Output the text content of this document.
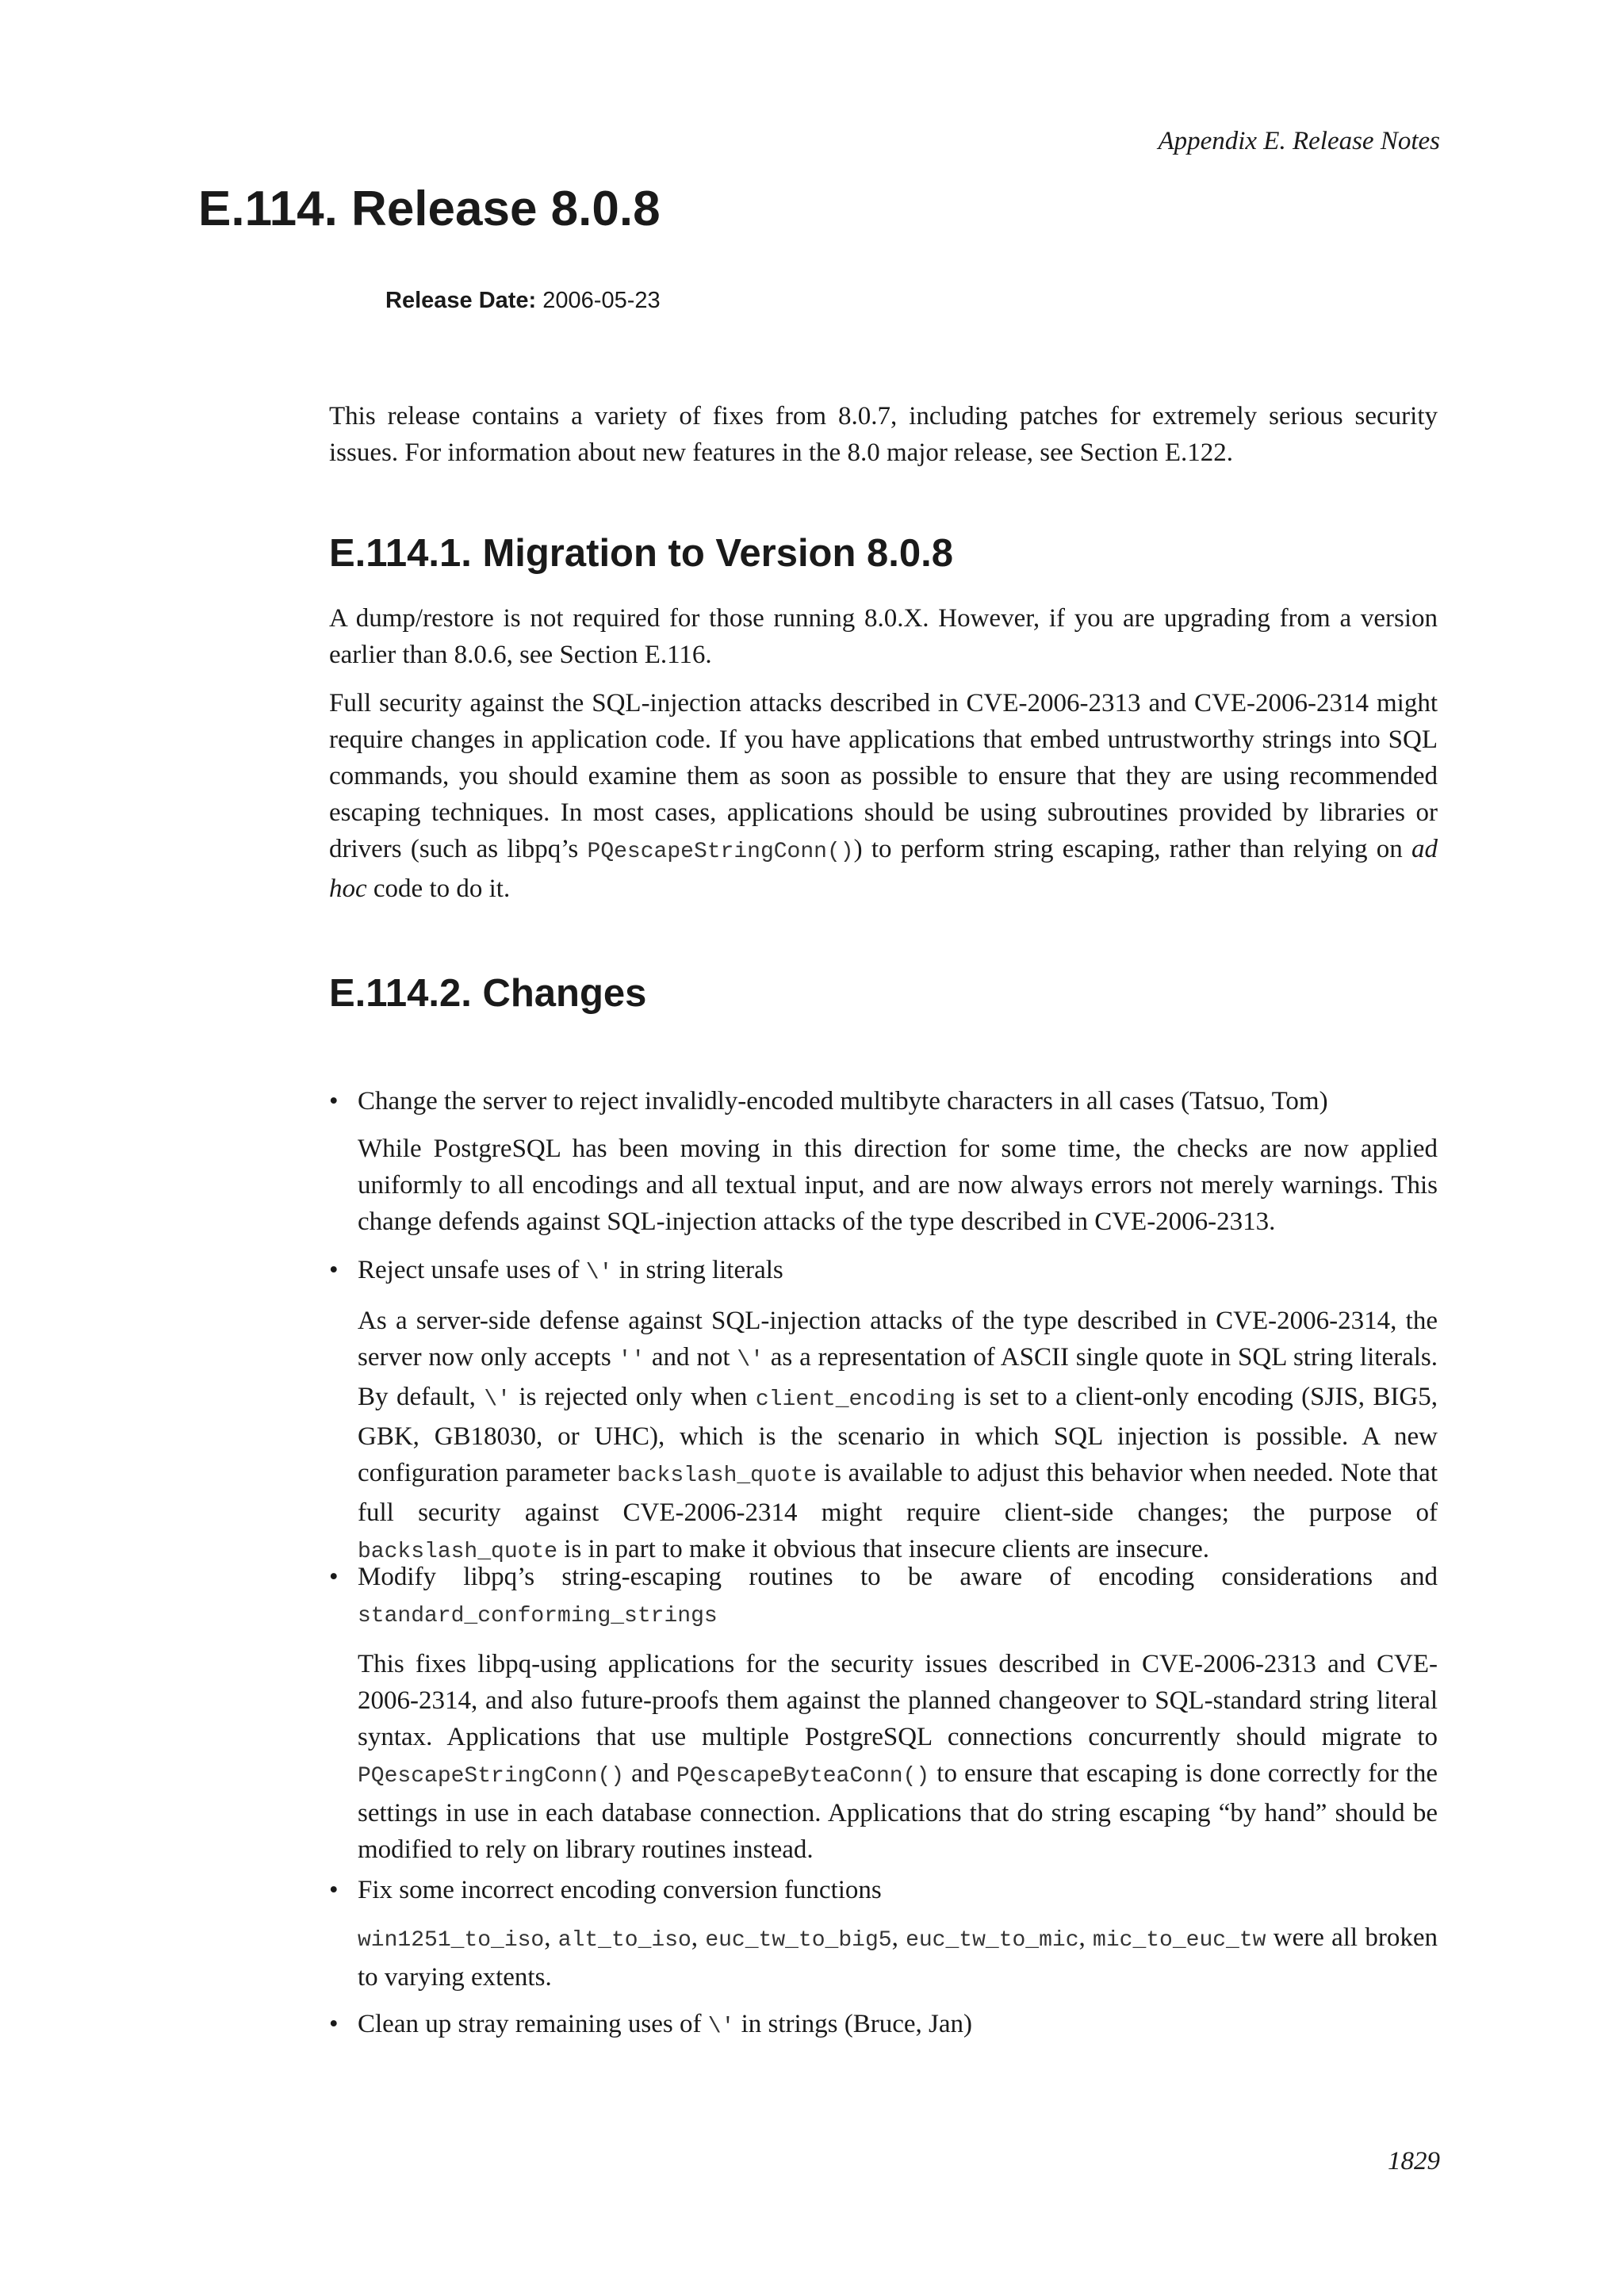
Appendix E. Release Notes
E.114. Release 8.0.8
Release Date: 2006-05-23

This release contains a variety of fixes from 8.0.7, including patches for extremely serious security issues. For information about new features in the 8.0 major release, see Section E.122.

E.114.1. Migration to Version 8.0.8

A dump/restore is not required for those running 8.0.X. However, if you are upgrading from a version earlier than 8.0.6, see Section E.116.

Full security against the SQL-injection attacks described in CVE-2006-2313 and CVE-2006-2314 might require changes in application code. If you have applications that embed untrustworthy strings into SQL commands, you should examine them as soon as possible to ensure that they are using recommended escaping techniques. In most cases, applications should be using subroutines provided by libraries or drivers (such as libpq’s PQescapeStringConn()) to perform string escaping, rather than relying on ad hoc code to do it.

E.114.2. Changes
• Change the server to reject invalidly-encoded multibyte characters in all cases (Tatsuo, Tom)

While PostgreSQL has been moving in this direction for some time, the checks are now applied uniformly to all encodings and all textual input, and are now always errors not merely warnings. This change defends against SQL-injection attacks of the type described in CVE-2006-2313.

• Reject unsafe uses of \' in string literals

As a server-side defense against SQL-injection attacks of the type described in CVE-2006-2314, the server now only accepts '' and not \' as a representation of ASCII single quote in SQL string literals. By default, \' is rejected only when client_encoding is set to a client-only encoding (SJIS, BIG5, GBK, GB18030, or UHC), which is the scenario in which SQL injection is possible. A new configuration parameter backslash_quote is available to adjust this behavior when needed. Note that full security against CVE-2006-2314 might require client-side changes; the purpose of backslash_quote is in part to make it obvious that insecure clients are insecure.

• Modify libpq’s string-escaping routines to be aware of encoding considerations and standard_conforming_strings

This fixes libpq-using applications for the security issues described in CVE-2006-2313 and CVE-2006-2314, and also future-proofs them against the planned changeover to SQL-standard string literal syntax. Applications that use multiple PostgreSQL connections concurrently should migrate to PQescapeStringConn() and PQescapeByteaConn() to ensure that escaping is done correctly for the settings in use in each database connection. Applications that do string escaping “by hand” should be modified to rely on library routines instead.

• Fix some incorrect encoding conversion functions

win1251_to_iso, alt_to_iso, euc_tw_to_big5, euc_tw_to_mic, mic_to_euc_tw were all broken to varying extents.

• Clean up stray remaining uses of \' in strings (Bruce, Jan)

1829
